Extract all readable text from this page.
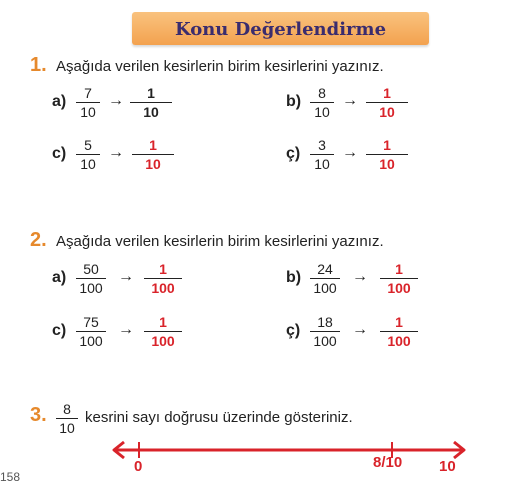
Konu Değerlendirme
1. Aşağıda verilen kesirlerin birim kesirlerini yazınız.
a)	7
10
→	1
10
b)	8
10
→	1
10
c)	5
10
→	1
10
ç)	3
10
→	1
10
2. Aşağıda verilen kesirlerin birim kesirlerini yazınız.
a)	50
100
→	1
100
b)	24
100
→	1
100
c)	75
100
→	1
100
ç)	18
100
→	1
100
3.	8
10
kesrini sayı doğrusu üzerinde gösteriniz.
0	8/10 10
158
